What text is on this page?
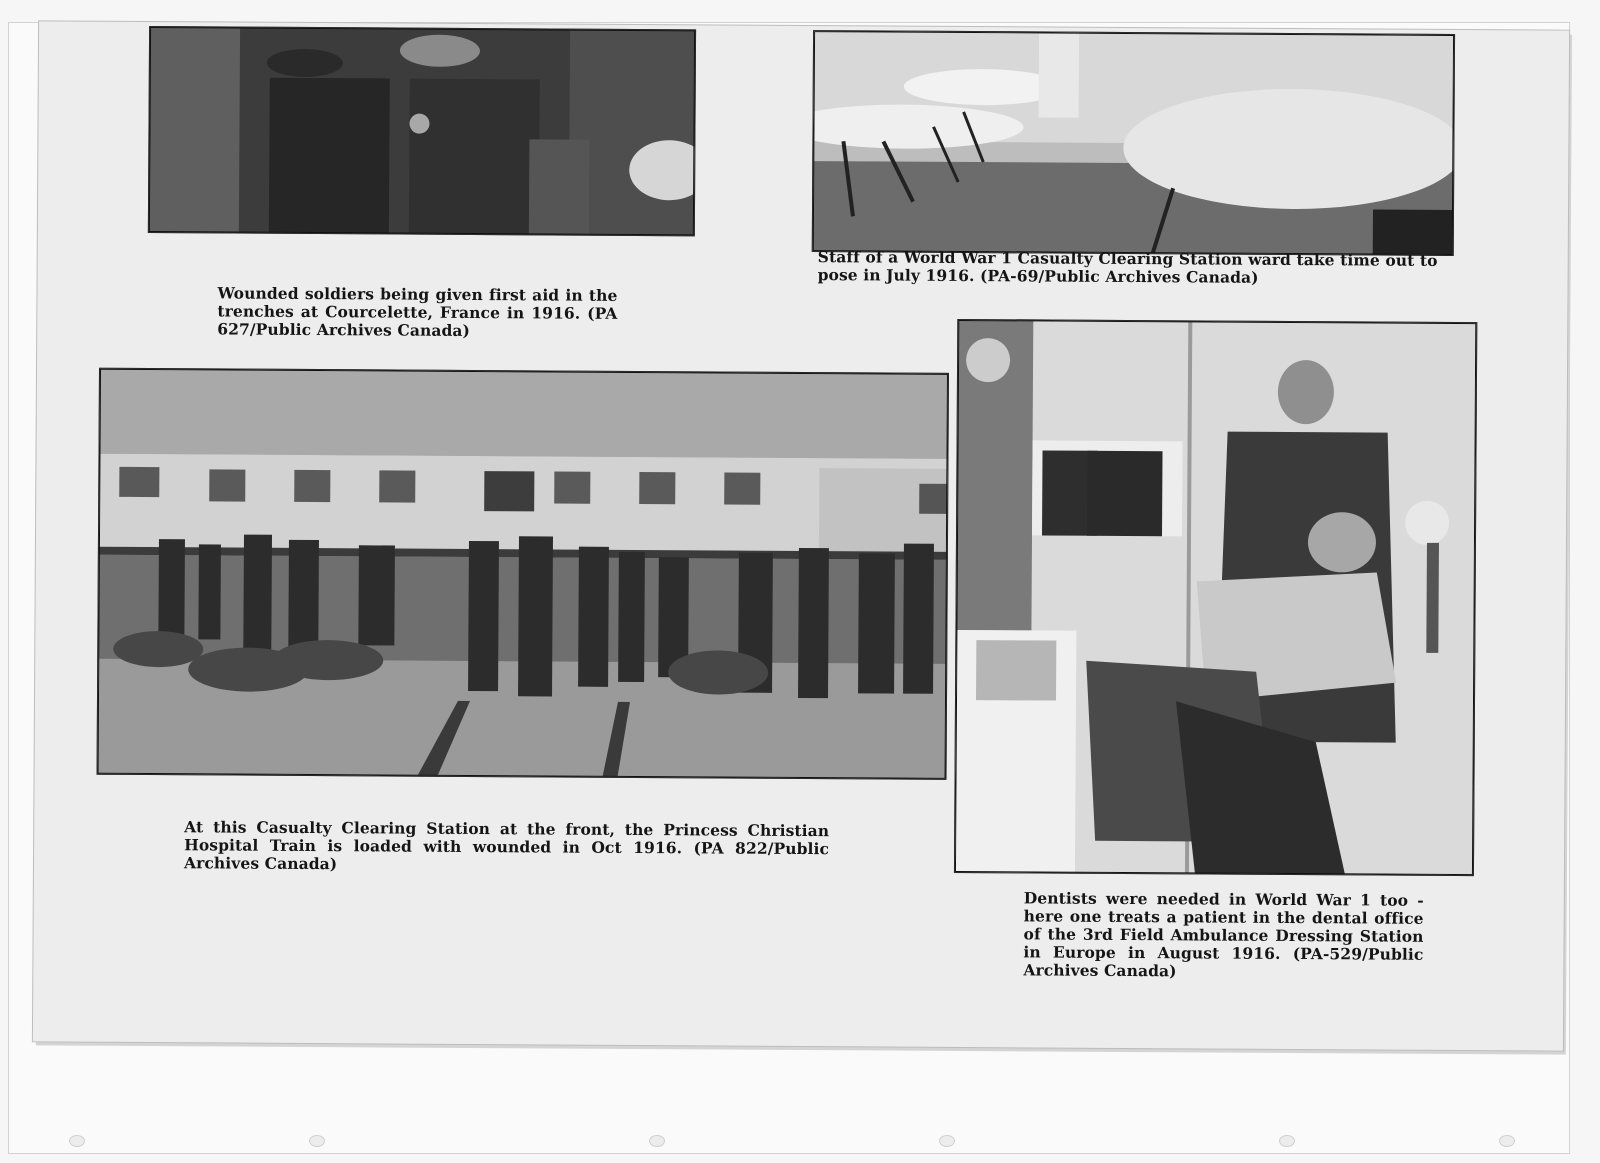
Staff of a World War 1 Casualty Clearing Station ward take time out to pose in July 1916. (PA-69/Public Archives Canada)
Wounded soldiers being given first aid in the trenches at Courcelette, France in 1916. (PA 627/Public Archives Canada)
At this Casualty Clearing Station at the front, the Princess Christian Hospital Train is loaded with wounded in Oct 1916. (PA 822/Public Archives Canada)
Dentists were needed in World War 1 too - here one treats a patient in the dental office of the 3rd Field Ambulance Dressing Station in Europe in August 1916. (PA-529/Public Archives Canada)
